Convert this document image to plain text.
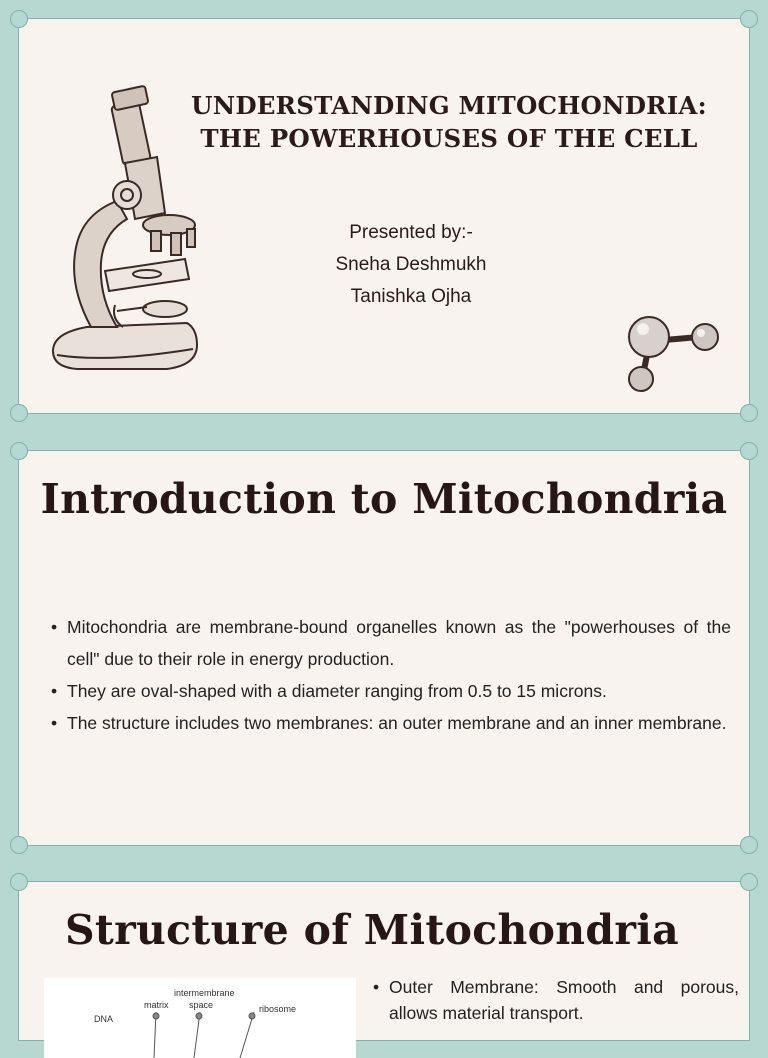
UNDERSTANDING MITOCHONDRIA:
THE POWERHOUSES OF THE CELL
Presented by:-
Sneha Deshmukh
Tanishka Ojha
Introduction to Mitochondria
• Mitochondria are membrane-bound organelles known as the "powerhouses of the cell" due to their role in energy production.
• They are oval-shaped with a diameter ranging from 0.5 to 15 microns.
• The structure includes two membranes: an outer membrane and an inner membrane.
Structure of Mitochondria
intermembrane
matrix space	ribosome
DNA
• Outer Membrane: Smooth and porous, allows material transport.
